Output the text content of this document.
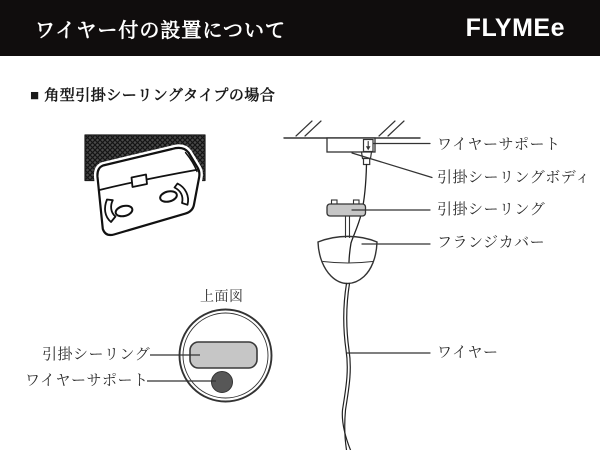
ワイヤー付の設置について	FLYMEe
■ 角型引掛シーリングタイプの場合
ワイヤーサポート
引掛シーリングボディ
引掛シーリング
フランジカバー
ワイヤー
上面図
引掛シーリング
ワイヤーサポート
